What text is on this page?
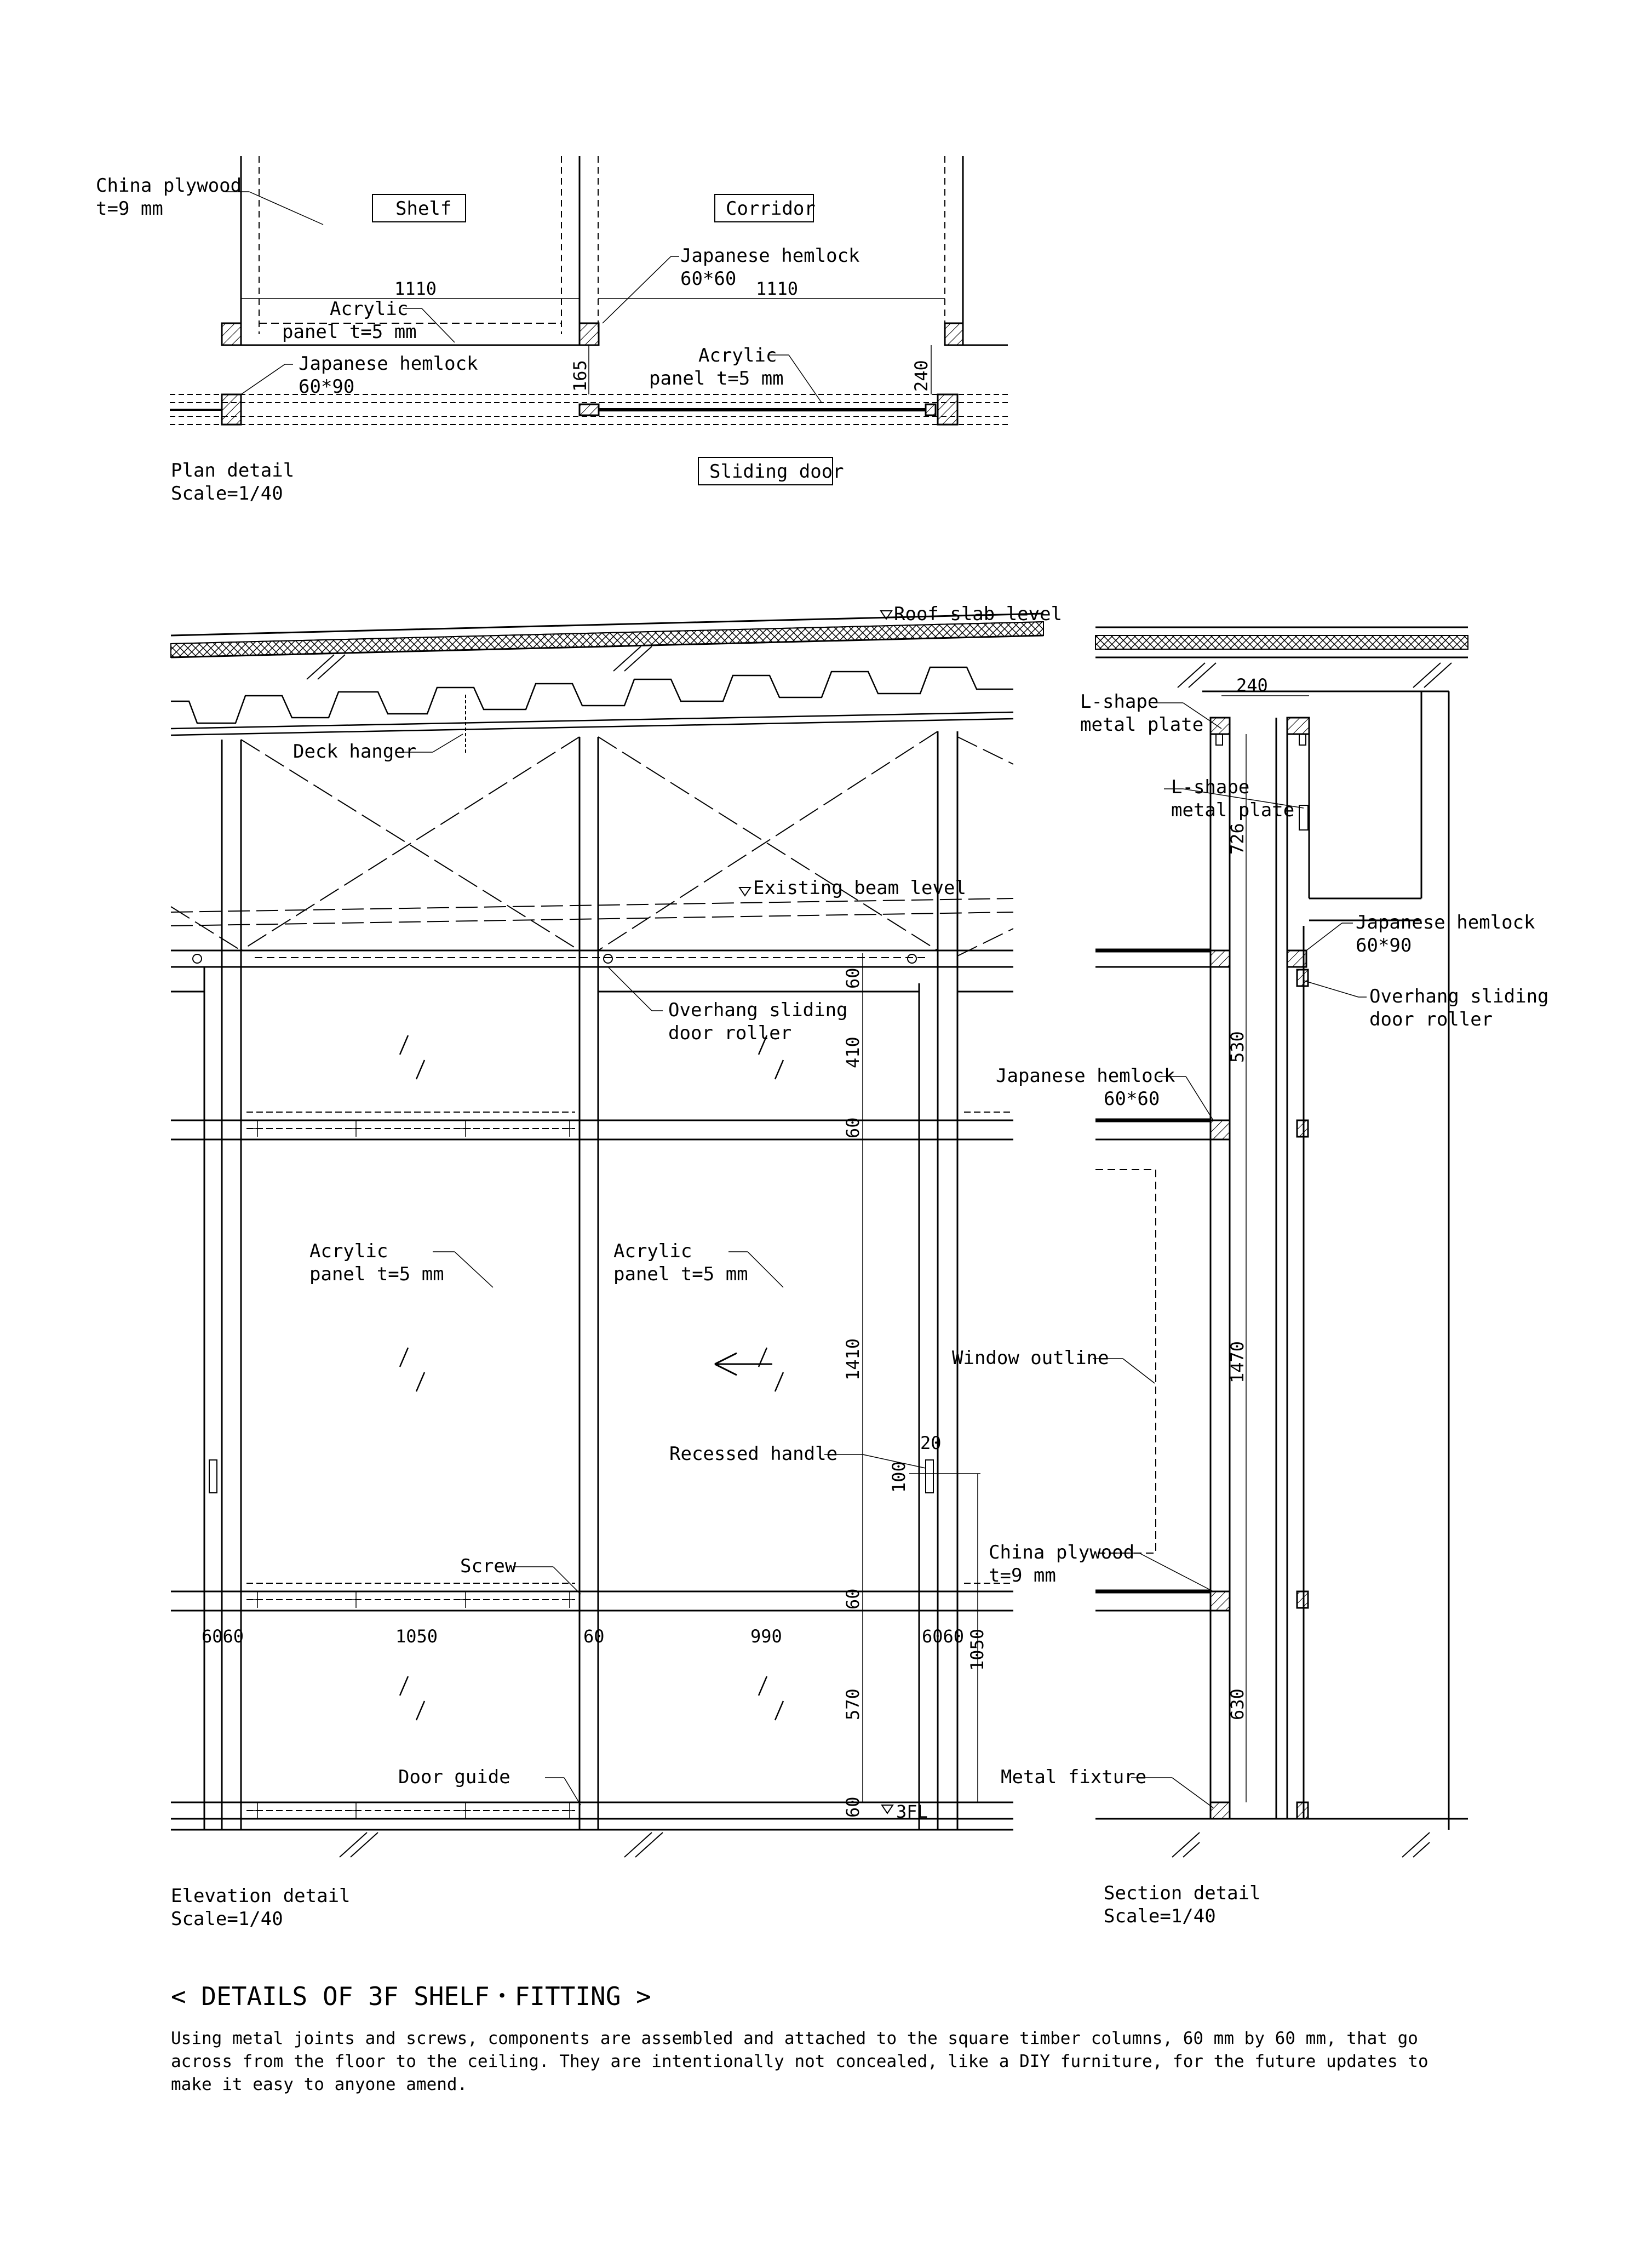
China plywood
t=9 mm	Shelf	Corridor
Japanese hemlock
60*60
1110	1110
Acrylic
panel t=5 mm
Japanese hemlock
60*90	165
Acrylic
panel t=5 mm	240
Sliding door
Plan detail
Scale=1/40
Roof slab level
Deck hanger
Existing beam level
Overhang sliding
door roller
Acrylic
panel t=5 mm
Acrylic
panel t=5 mm
Recessed handle
Screw
Door guide
60
410
60
1410
60
570
60 3FL
20
100
1050
6060	1050	60	990	6060
Elevation detail
Scale=1/40
240
L-shape
metal plate
L-shape
metal plate
726
Japanese hemlock
60*90
Overhang sliding
door roller
Japanese hemlock
60*60
530
Window outline	1470
China plywood
t=9 mm
630
Metal fixture
Section detail
Scale=1/40

< DETAILS OF 3F SHELF・FITTING >

Using metal joints and screws, components are assembled and attached to the square timber columns, 60 mm by 60 mm, that go across from the floor to the ceiling. They are intentionally not concealed, like a DIY furniture, for the future updates to make it easy to anyone amend.
